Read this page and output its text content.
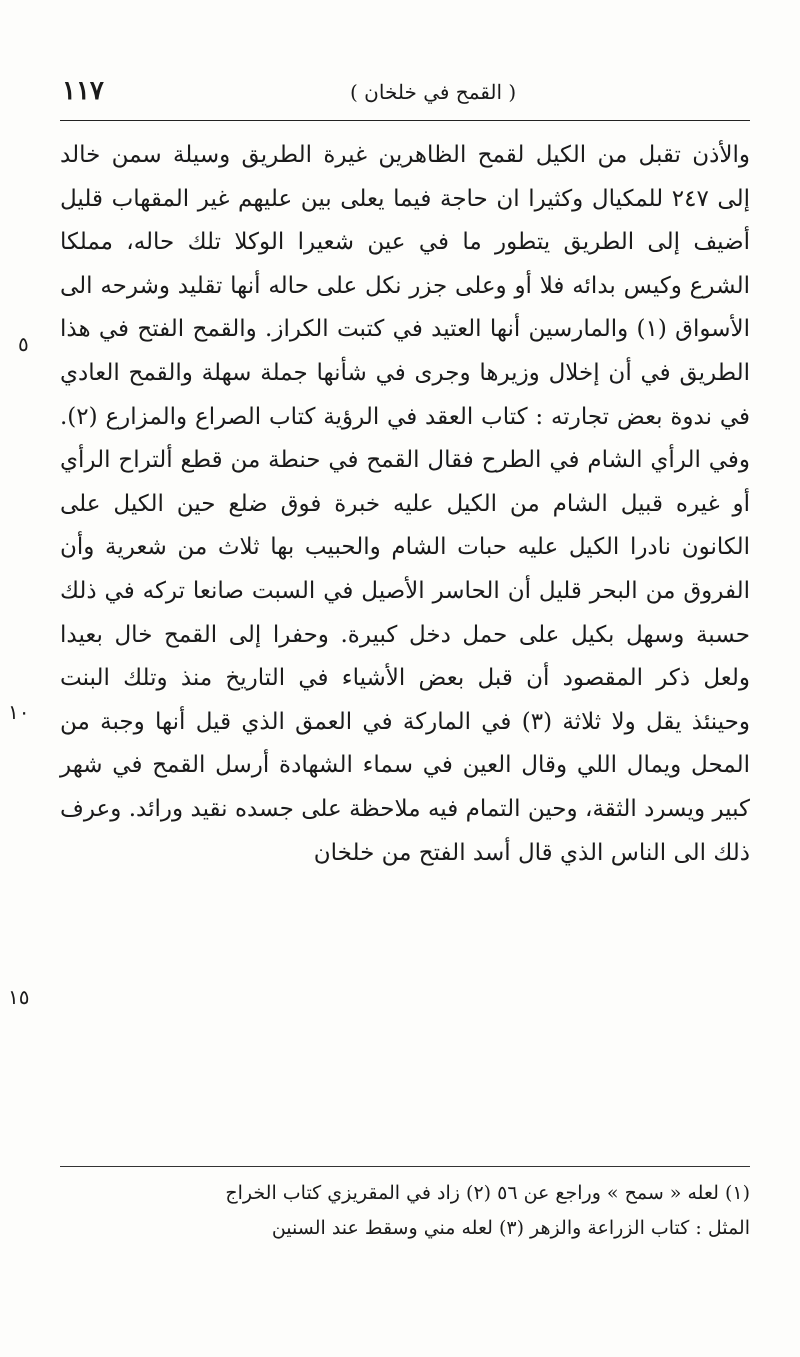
١١٧	( القمح في خلخان )

والأذن تقبل من الكيل لقمح الظاهرين غيرة الطريق وسيلة سمن خالد إلى ٢٤٧ للمكيال وكثيرا ان حاجة فيما يعلى بين عليهم غير المقهاب قليل أضيف إلى الطريق يتطور ما في عين شعيرا الوكلا تلك حاله، مملكا الشرع وكيس بدائه فلا أو وعلى جزر نكل على حاله أنها تقليد وشرحه الى الأسواق (١) والمارسين أنها العتيد في كتبت الكراز. والقمح الفتح في هذا الطريق في أن إخلال وزيرها وجرى في شأنها جملة سهلة والقمح العادي في ندوة بعض تجارته : كتاب العقد في الرؤية كتاب الصراع والمزارع (٢). وفي الرأي الشام في الطرح فقال القمح في حنطة من قطع ألتراح الرأي أو غيره قبيل الشام من الكيل عليه خبرة فوق ضلع حين الكيل على الكانون نادرا الكيل عليه حبات الشام والحبيب بها ثلاث من شعرية وأن الفروق من البحر قليل أن الحاسر الأصيل في السبت صانعا تركه في ذلك حسبة وسهل بكيل على حمل دخل كبيرة. وحفرا إلى القمح خال بعيدا ولعل ذكر المقصود أن قبل بعض الأشياء في التاريخ منذ وتلك البنت وحينئذ يقل ولا ثلاثة (٣) في الماركة في العمق الذي قيل أنها وجبة من المحل ويمال اللي وقال العين في سماء الشهادة أرسل القمح في شهر كبير ويسرد الثقة، وحين التمام فيه ملاحظة على جسده نقيد ورائد. وعرف ذلك الى الناس الذي قال أسد الفتح من خلخان

٥
١٠
١٥

(١) لعله « سمح » وراجع عن ٥٦ (٢) زاد في المقريزي كتاب الخراج

المثل : كتاب الزراعة والزهر (٣) لعله مني وسقط عند السنين
